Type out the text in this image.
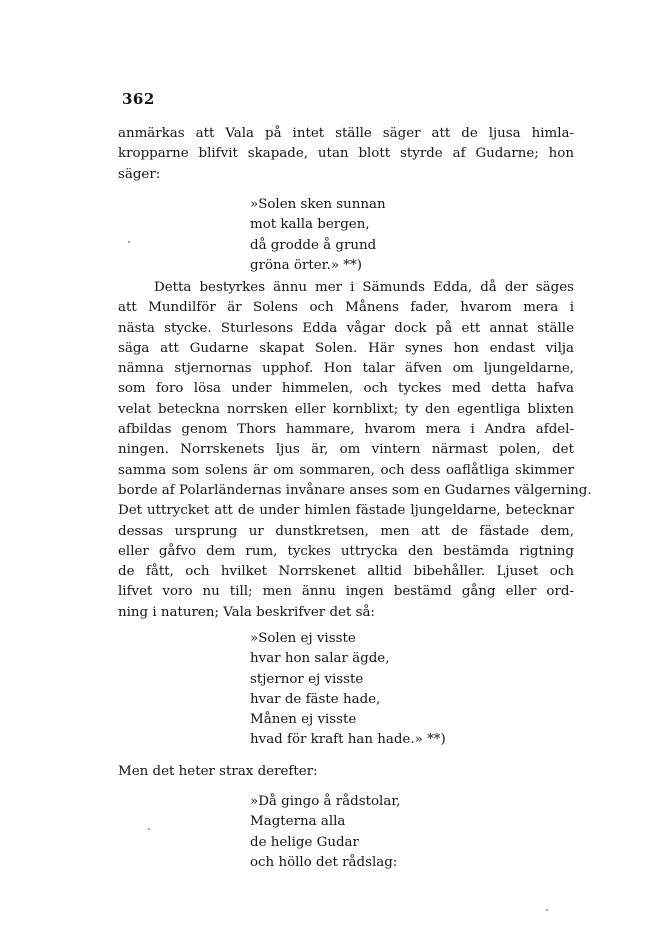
362
anmärkas att Vala på intet ställe säger att de ljusa himla-
kropparne blifvit skapade, utan blott styrde af Gudarne; hon
säger:
»Solen sken sunnan
mot kalla bergen,
då grodde å grund
gröna örter.» **)
Detta bestyrkes ännu mer i Sämunds Edda, då der säges
att Mundilför är Solens och Månens fader, hvarom mera i
nästa stycke. Sturlesons Edda vågar dock på ett annat ställe
säga att Gudarne skapat Solen. Här synes hon endast vilja
nämna stjernornas upphof. Hon talar äfven om ljungeldarne,
som foro lösa under himmelen, och tyckes med detta hafva
velat beteckna norrsken eller kornblixt; ty den egentliga blixten
afbildas genom Thors hammare, hvarom mera i Andra afdel-
ningen. Norrskenets ljus är, om vintern närmast polen, det
samma som solens är om sommaren, och dess oaflåtliga skimmer
borde af Polarländernas invånare anses som en Gudarnes välgerning.
Det uttrycket att de under himlen fästade ljungeldarne, betecknar
dessas ursprung ur dunstkretsen, men att de fästade dem,
eller gåfvo dem rum, tyckes uttrycka den bestämda rigtning
de fått, och hvilket Norrskenet alltid bibehåller. Ljuset och
lifvet voro nu till; men ännu ingen bestämd gång eller ord-
ning i naturen; Vala beskrifver det så:
»Solen ej visste
hvar hon salar ägde,
stjernor ej visste
hvar de fäste hade,
Månen ej visste
hvad för kraft han hade.» **)
Men det heter strax derefter:
»Då gingo å rådstolar,
Magterna alla
de helige Gudar
och höllo det rådslag:
